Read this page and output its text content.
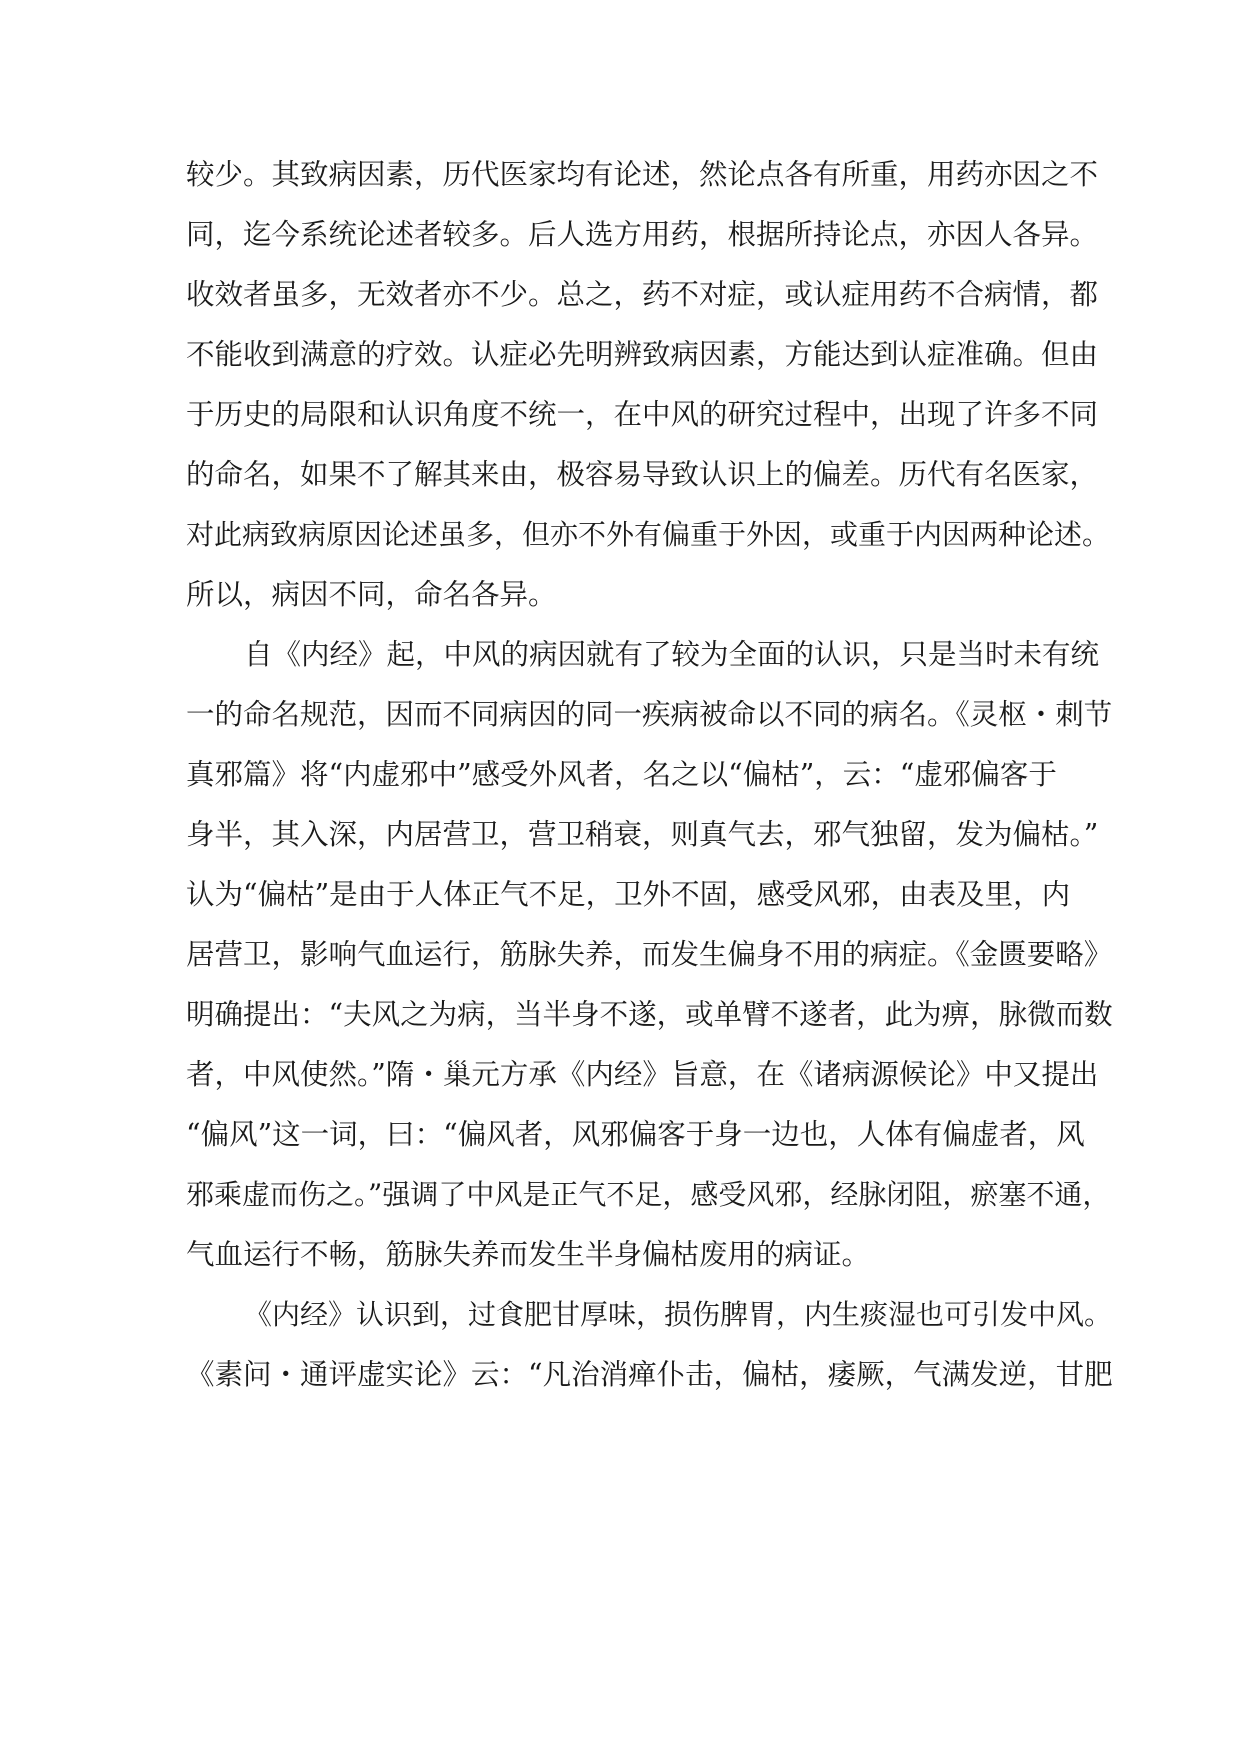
较少。其致病因素，历代医家均有论述，然论点各有所重，用药亦因之不
同，迄今系统论述者较多。后人选方用药，根据所持论点，亦因人各异。
收效者虽多，无效者亦不少。总之，药不对症，或认症用药不合病情，都
不能收到满意的疗效。认症必先明辨致病因素，方能达到认症准确。但由
于历史的局限和认识角度不统一，在中风的研究过程中，出现了许多不同
的命名，如果不了解其来由，极容易导致认识上的偏差。历代有名医家，
对此病致病原因论述虽多，但亦不外有偏重于外因，或重于内因两种论述。
所以，病因不同，命名各异。
自《内经》起，中风的病因就有了较为全面的认识，只是当时未有统
一的命名规范，因而不同病因的同一疾病被命以不同的病名。《灵枢・刺节
真邪篇》将“内虚邪中”感受外风者，名之以“偏枯”，云：“虚邪偏客于
身半，其入深，内居营卫，营卫稍衰，则真气去，邪气独留，发为偏枯。”
认为“偏枯”是由于人体正气不足，卫外不固，感受风邪，由表及里，内
居营卫，影响气血运行，筋脉失养，而发生偏身不用的病症。《金匮要略》
明确提出：“夫风之为病，当半身不遂，或单臂不遂者，此为痹，脉微而数
者，中风使然。”隋・巢元方承《内经》旨意，在《诸病源候论》中又提出
“偏风”这一词，曰：“偏风者，风邪偏客于身一边也，人体有偏虚者，风
邪乘虚而伤之。”强调了中风是正气不足，感受风邪，经脉闭阻，瘀塞不通，
气血运行不畅，筋脉失养而发生半身偏枯废用的病证。
《内经》认识到，过食肥甘厚味，损伤脾胃，内生痰湿也可引发中风。
《素问・通评虚实论》云：“凡治消瘅仆击，偏枯，痿厥，气满发逆，甘肥
